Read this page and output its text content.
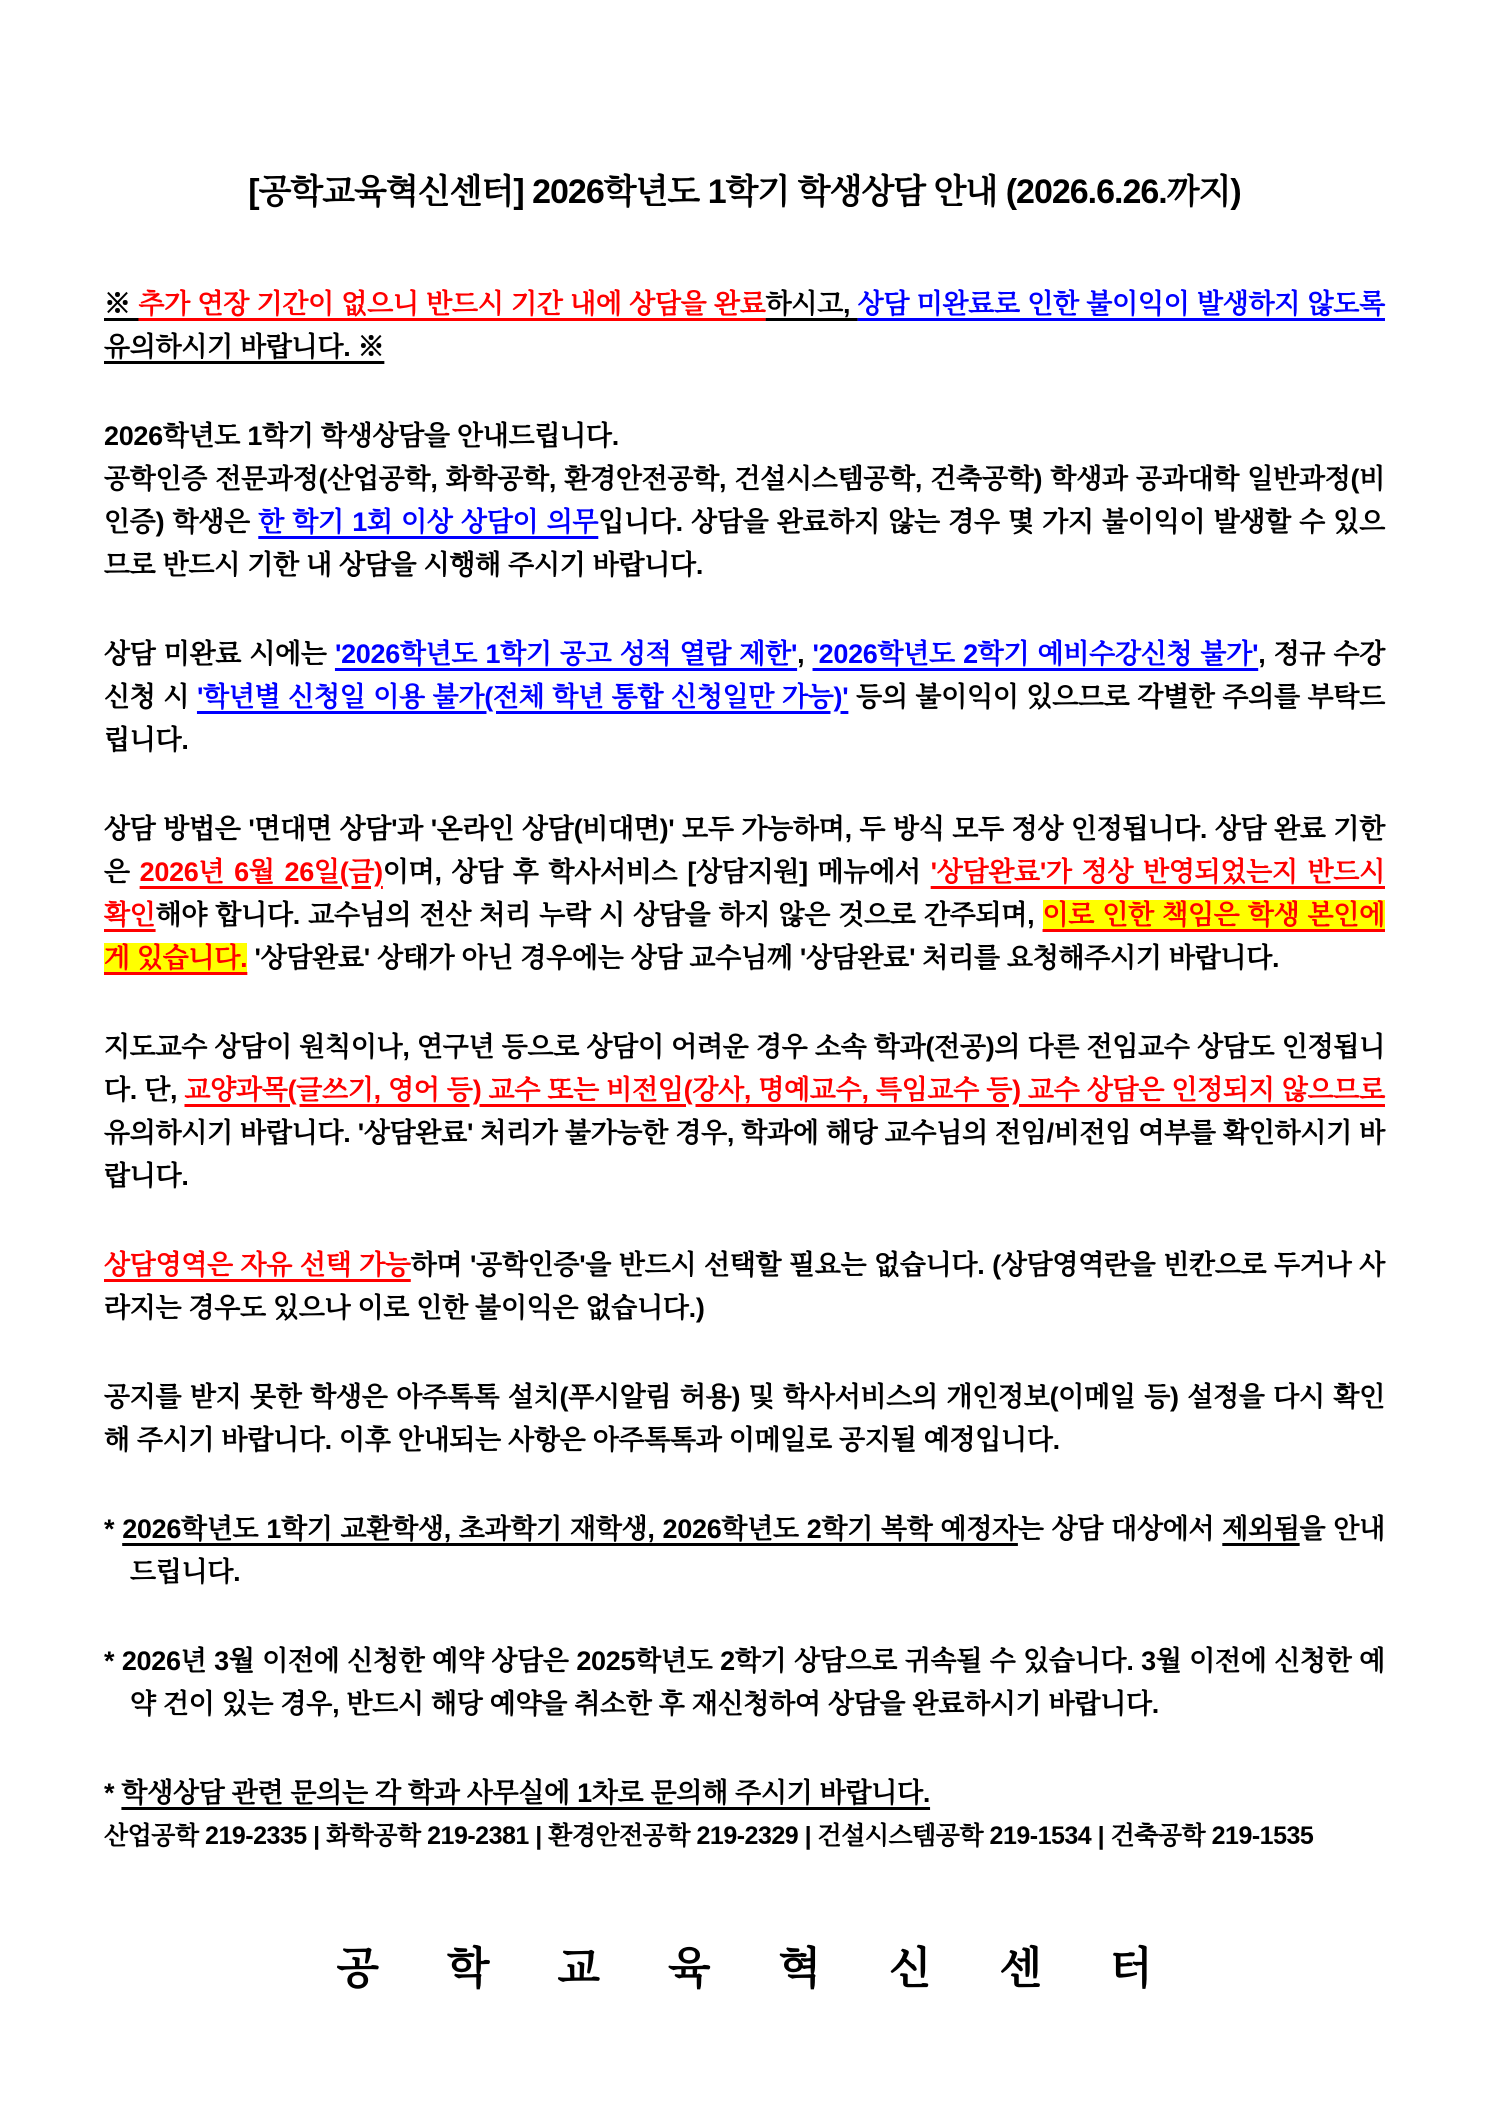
[공학교육혁신센터] 2026학년도 1학기 학생상담 안내 (2026.6.26.까지)

※ 추가 연장 기간이 없으니 반드시 기간 내에 상담을 완료하시고, 상담 미완료로 인한 불이익이 발생하지 않도록 유의하시기 바랍니다. ※

2026학년도 1학기 학생상담을 안내드립니다.

공학인증 전문과정(산업공학, 화학공학, 환경안전공학, 건설시스템공학, 건축공학) 학생과 공과대학 일반과정(비인증) 학생은 한 학기 1회 이상 상담이 의무입니다. 상담을 완료하지 않는 경우 몇 가지 불이익이 발생할 수 있으므로 반드시 기한 내 상담을 시행해 주시기 바랍니다.

상담 미완료 시에는 '2026학년도 1학기 공고 성적 열람 제한', '2026학년도 2학기 예비수강신청 불가', 정규 수강신청 시 '학년별 신청일 이용 불가(전체 학년 통합 신청일만 가능)' 등의 불이익이 있으므로 각별한 주의를 부탁드립니다.

상담 방법은 '면대면 상담'과 '온라인 상담(비대면)' 모두 가능하며, 두 방식 모두 정상 인정됩니다. 상담 완료 기한은 2026년 6월 26일(금)이며, 상담 후 학사서비스 [상담지원] 메뉴에서 '상담완료'가 정상 반영되었는지 반드시 확인해야 합니다. 교수님의 전산 처리 누락 시 상담을 하지 않은 것으로 간주되며, 이로 인한 책임은 학생 본인에게 있습니다. '상담완료' 상태가 아닌 경우에는 상담 교수님께 '상담완료' 처리를 요청해주시기 바랍니다.

지도교수 상담이 원칙이나, 연구년 등으로 상담이 어려운 경우 소속 학과(전공)의 다른 전임교수 상담도 인정됩니다. 단, 교양과목(글쓰기, 영어 등) 교수 또는 비전임(강사, 명예교수, 특임교수 등) 교수 상담은 인정되지 않으므로 유의하시기 바랍니다. '상담완료' 처리가 불가능한 경우, 학과에 해당 교수님의 전임/비전임 여부를 확인하시기 바랍니다.

상담영역은 자유 선택 가능하며 '공학인증'을 반드시 선택할 필요는 없습니다. (상담영역란을 빈칸으로 두거나 사라지는 경우도 있으나 이로 인한 불이익은 없습니다.)

공지를 받지 못한 학생은 아주톡톡 설치(푸시알림 허용) 및 학사서비스의 개인정보(이메일 등) 설정을 다시 확인해 주시기 바랍니다. 이후 안내되는 사항은 아주톡톡과 이메일로 공지될 예정입니다.

* 2026학년도 1학기 교환학생, 초과학기 재학생, 2026학년도 2학기 복학 예정자는 상담 대상에서 제외됨을 안내드립니다.

* 2026년 3월 이전에 신청한 예약 상담은 2025학년도 2학기 상담으로 귀속될 수 있습니다. 3월 이전에 신청한 예약 건이 있는 경우, 반드시 해당 예약을 취소한 후 재신청하여 상담을 완료하시기 바랍니다.

* 학생상담 관련 문의는 각 학과 사무실에 1차로 문의해 주시기 바랍니다.

산업공학 219-2335 | 화학공학 219-2381 | 환경안전공학 219-2329 | 건설시스템공학 219-1534 | 건축공학 219-1535

공학교육혁신센터
